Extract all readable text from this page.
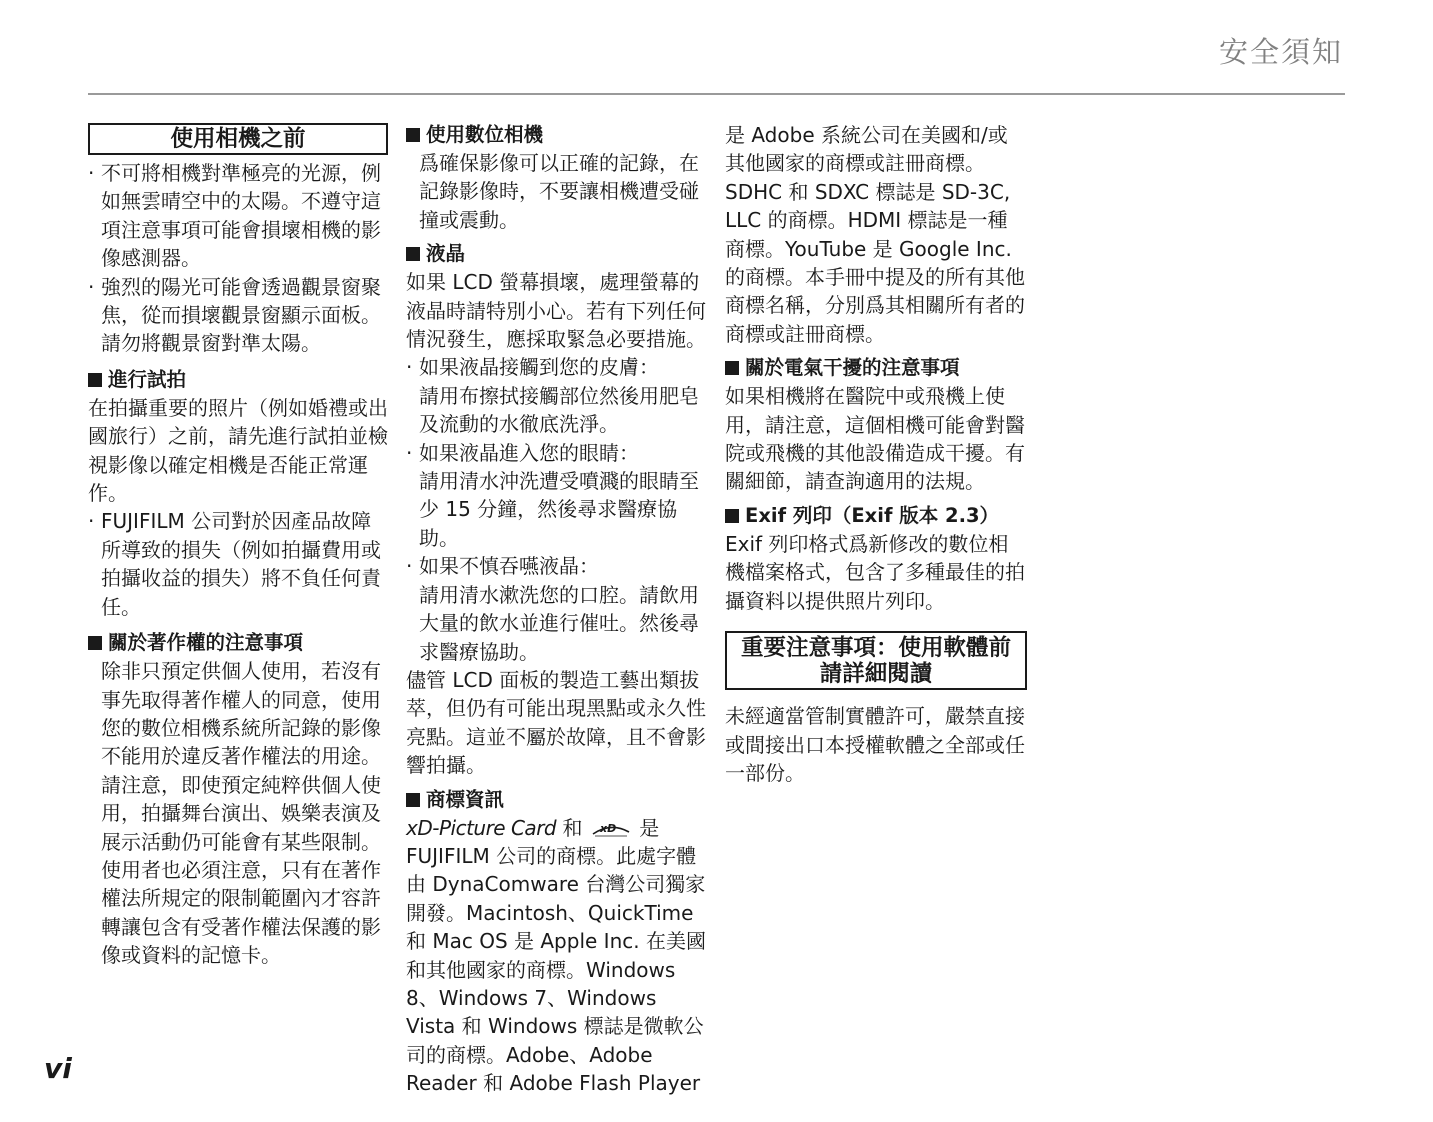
安全須知
使用相機之前
· 不可將相機對準極亮的光源，例如無雲晴空中的太陽。不遵守這項注意事項可能會損壞相機的影像感測器。
· 強烈的陽光可能會透過觀景窗聚焦，從而損壞觀景窗顯示面板。請勿將觀景窗對準太陽。
進行試拍

在拍攝重要的照片（例如婚禮或出國旅行）之前，請先進行試拍並檢視影像以確定相機是否能正常運作。

· FUJIFILM 公司對於因產品故障所導致的損失（例如拍攝費用或拍攝收益的損失）將不負任何責任。
關於著作權的注意事項

除非只預定供個人使用，若沒有事先取得著作權人的同意，使用您的數位相機系統所記錄的影像不能用於違反著作權法的用途。請注意，即使預定純粹供個人使用，拍攝舞台演出、娛樂表演及展示活動仍可能會有某些限制。使用者也必須注意，只有在著作權法所規定的限制範圍內才容許轉讓包含有受著作權法保護的影像或資料的記憶卡。

使用數位相機

爲確保影像可以正確的記錄，在記錄影像時，不要讓相機遭受碰撞或震動。

液晶

如果 LCD 螢幕損壞，處理螢幕的液晶時請特別小心。若有下列任何情況發生，應採取緊急必要措施。

· 如果液晶接觸到您的皮膚：
請用布擦拭接觸部位然後用肥皂及流動的水徹底洗淨。
· 如果液晶進入您的眼睛：
請用清水沖洗遭受噴濺的眼睛至少 15 分鐘，然後尋求醫療協助。
· 如果不慎吞嚥液晶：
請用清水漱洗您的口腔。請飲用大量的飲水並進行催吐。然後尋求醫療協助。

儘管 LCD 面板的製造工藝出類拔萃，但仍有可能出現黑點或永久性亮點。這並不屬於故障，且不會影響拍攝。

商標資訊

xD-Picture Card 和 xD 是
FUJIFILM 公司的商標。此處字體由 DynaComware 台灣公司獨家開發。Macintosh、QuickTime 和 Mac OS 是 Apple Inc. 在美國和其他國家的商標。Windows 8、Windows 7、Windows Vista 和 Windows 標誌是微軟公司的商標。Adobe、Adobe Reader 和 Adobe Flash Player

是 Adobe 系統公司在美國和/或其他國家的商標或註冊商標。SDHC 和 SDXC 標誌是 SD-3C, LLC 的商標。HDMI 標誌是一種商標。YouTube 是 Google Inc. 的商標。本手冊中提及的所有其他商標名稱，分別爲其相關所有者的商標或註冊商標。

關於電氣干擾的注意事項

如果相機將在醫院中或飛機上使用，請注意，這個相機可能會對醫院或飛機的其他設備造成干擾。有關細節，請查詢適用的法規。

Exif 列印（Exif 版本 2.3）

Exif 列印格式爲新修改的數位相機檔案格式，包含了多種最佳的拍攝資料以提供照片列印。

重要注意事項：使用軟體前
請詳細閱讀

未經適當管制實體許可，嚴禁直接或間接出口本授權軟體之全部或任一部份。

vi
